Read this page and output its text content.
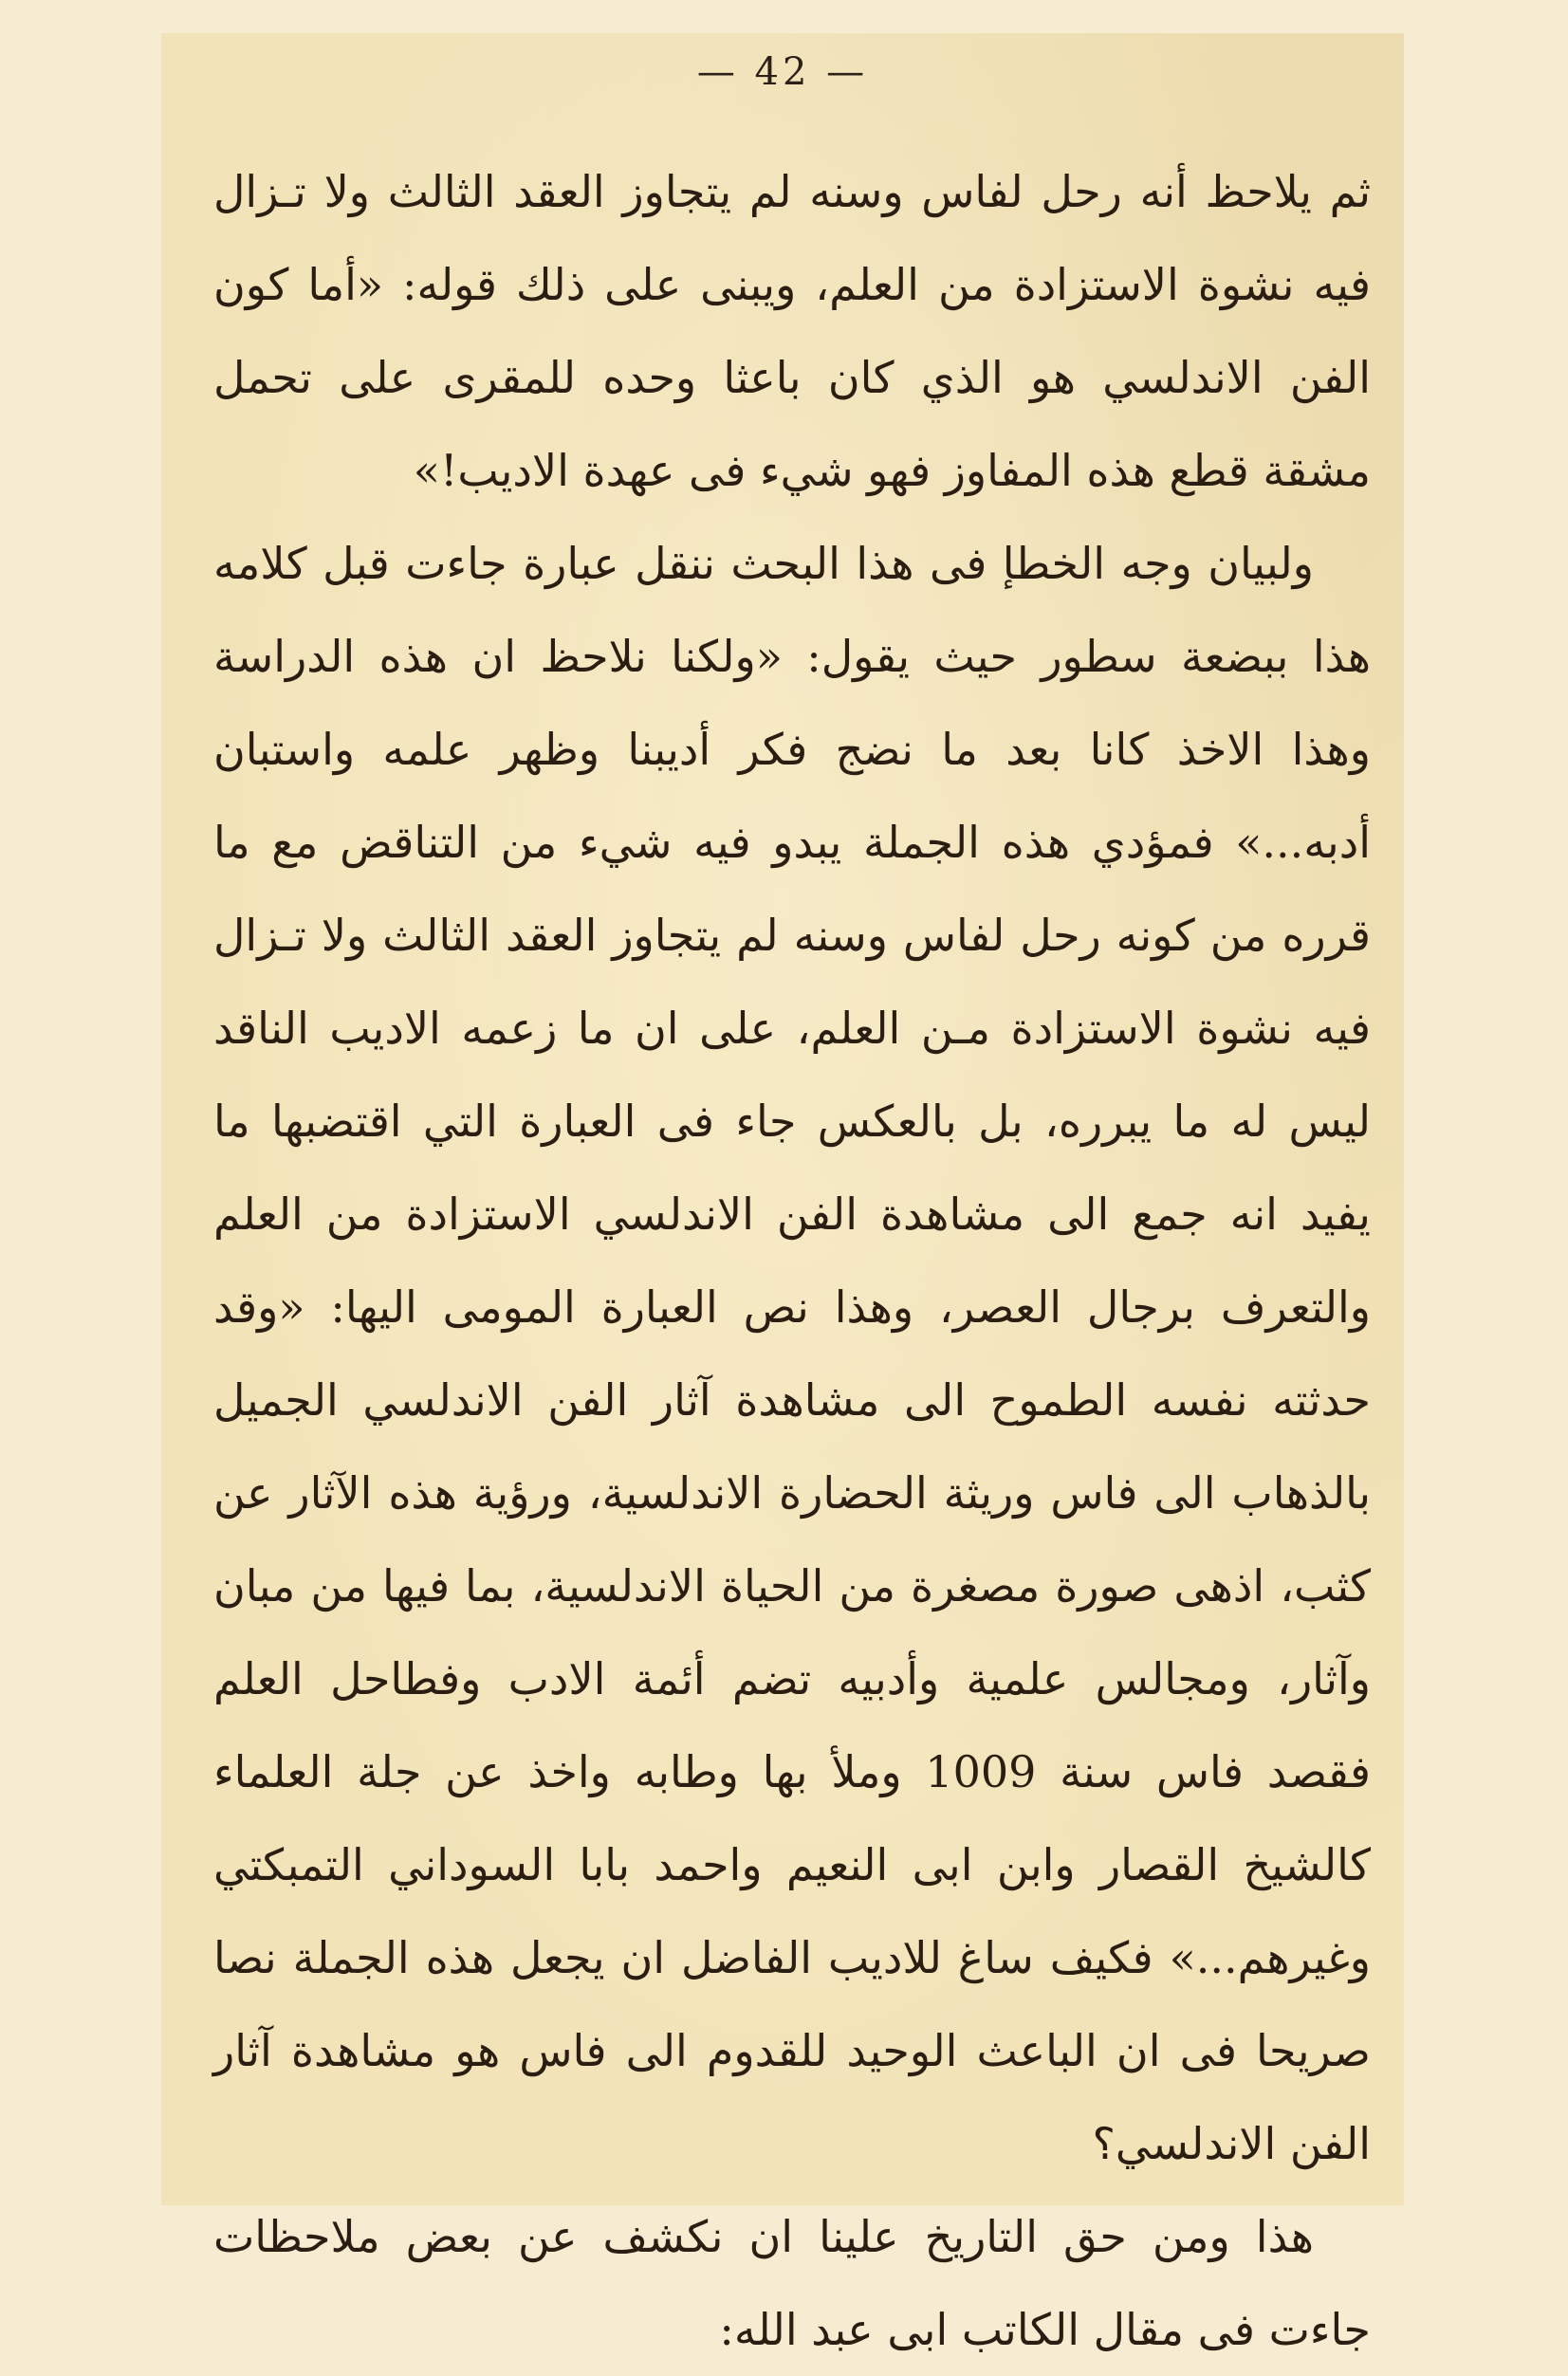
— 42 —

ثم يلاحظ أنه رحل لفاس وسنه لم يتجاوز العقد الثالث ولا تـزال فيه نشوة الاستزادة من العلم، ويبنى على ذلك قوله: «أما كون الفن الاندلسي هو الذي كان باعثا وحده للمقرى على تحمل مشقة قطع هذه المفاوز فهو شيء فى عهدة الاديب!»

ولبيان وجه الخطإ فى هذا البحث ننقل عبارة جاءت قبل كلامه هذا ببضعة سطور حيث يقول: «ولكنا نلاحظ ان هذه الدراسة وهذا الاخذ كانا بعد ما نضج فكر أديبنا وظهر علمه واستبان أدبه...» فمؤدي هذه الجملة يبدو فيه شيء من التناقض مع ما قرره من كونه رحل لفاس وسنه لم يتجاوز العقد الثالث ولا تـزال فيه نشوة الاستزادة مـن العلم، على ان ما زعمه الاديب الناقد ليس له ما يبرره، بل بالعكس جاء فى العبارة التي اقتضبها ما يفيد انه جمع الى مشاهدة الفن الاندلسي الاستزادة من العلم والتعرف برجال العصر، وهذا نص العبارة المومى اليها: «وقد حدثته نفسه الطموح الى مشاهدة آثار الفن الاندلسي الجميل بالذهاب الى فاس وريثة الحضارة الاندلسية، ورؤية هذه الآثار عن كثب، اذهى صورة مصغرة من الحياة الاندلسية، بما فيها من مبان وآثار، ومجالس علمية وأدبيه تضم أئمة الادب وفطاحل العلم فقصد فاس سنة 1009 وملأ بها وطابه واخذ عن جلة العلماء كالشيخ القصار وابن ابى النعيم واحمد بابا السوداني التمبكتي وغيرهم...» فكيف ساغ للاديب الفاضل ان يجعل هذه الجملة نصا صريحا فى ان الباعث الوحيد للقدوم الى فاس هو مشاهدة آثار الفن الاندلسي؟

هذا ومن حق التاريخ علينا ان نكشف عن بعض ملاحظات جاءت فى مقال الكاتب ابى عبد الله:
